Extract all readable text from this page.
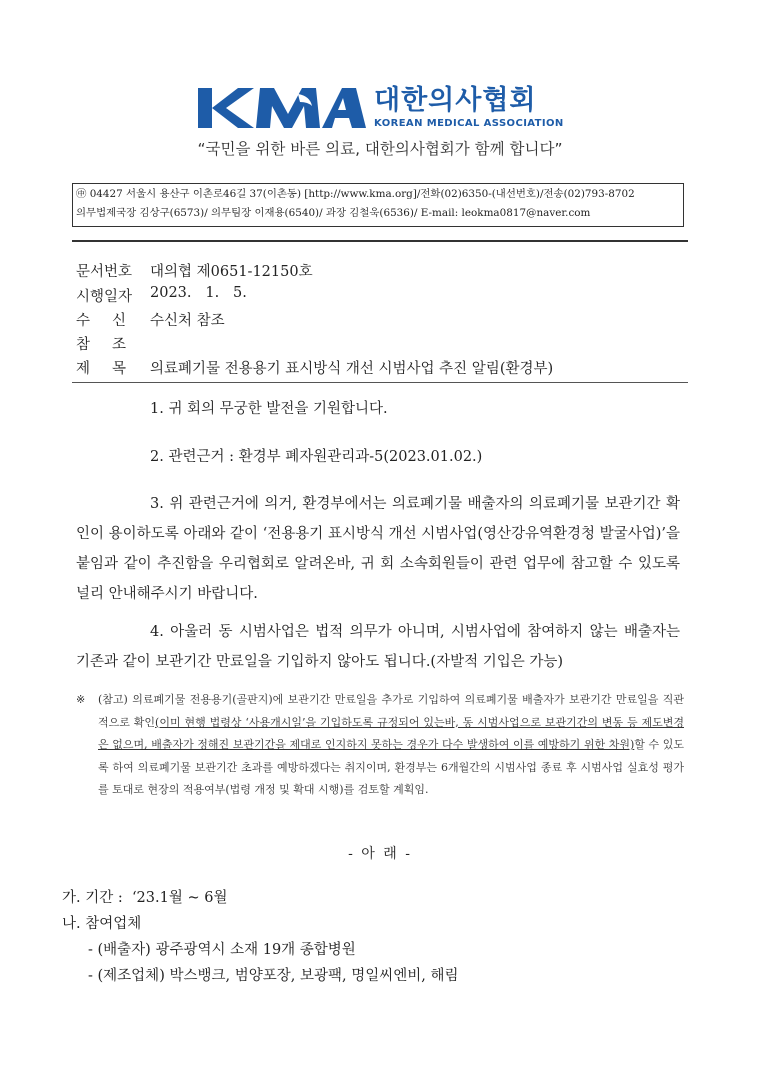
대한의사협회
KOREAN MEDICAL ASSOCIATION
“국민을 위한 바른 의료, 대한의사협회가 함께 합니다”
㊥ 04427 서울시 용산구 이촌로46길 37(이촌동) [http://www.kma.org]/전화(02)6350-(내선번호)/전송(02)793-8702
의무법제국장 김상구(6573)/ 의무팀장 이재용(6540)/ 과장 김철욱(6536)/ E-mail: leokma0817@naver.com
문서번호	대의협 제0651-12150호
시행일자	2023.   1.   5.
수 신 수신처 참조
참 조
제 목 의료폐기물 전용용기 표시방식 개선 시범사업 추진 알림(환경부)
1. 귀 회의 무궁한 발전을 기원합니다.
2. 관련근거 : 환경부 폐자원관리과-5(2023.01.02.)
3. 위 관련근거에 의거, 환경부에서는 의료폐기물 배출자의 의료폐기물 보관기간 확인이 용이하도록 아래와 같이 ‘전용용기 표시방식 개선 시범사업(영산강유역환경청 발굴사업)’을 붙임과 같이 추진함을 우리협회로 알려온바, 귀 회 소속회원들이 관련 업무에 참고할 수 있도록 널리 안내해주시기 바랍니다.
4. 아울러 동 시범사업은 법적 의무가 아니며, 시범사업에 참여하지 않는 배출자는 기존과 같이 보관기간 만료일을 기입하지 않아도 됩니다.(자발적 기입은 가능)
※ (참고) 의료폐기물 전용용기(골판지)에 보관기간 만료일을 추가로 기입하여 의료폐기물 배출자가 보관기간 만료일을 직관적으로 확인(이미 현행 법령상 ‘사용개시일’을 기입하도록 규정되어 있는바, 동 시범사업으로 보관기간의 변동 등 제도변경은 없으며, 배출자가 정해진 보관기간을 제대로 인지하지 못하는 경우가 다수 발생하여 이를 예방하기 위한 차원)할 수 있도록 하여 의료폐기물 보관기간 초과를 예방하겠다는 취지이며, 환경부는 6개월간의 시범사업 종료 후 시범사업 실효성 평가를 토대로 현장의 적용여부(법령 개정 및 확대 시행)를 검토할 계획임.
- 아 래 -
가. 기간 :  ‘23.1월 ~ 6월
나. 참여업체
- (배출자) 광주광역시 소재 19개 종합병원
- (제조업체) 박스뱅크, 범양포장, 보광팩, 명일씨엔비, 해림
